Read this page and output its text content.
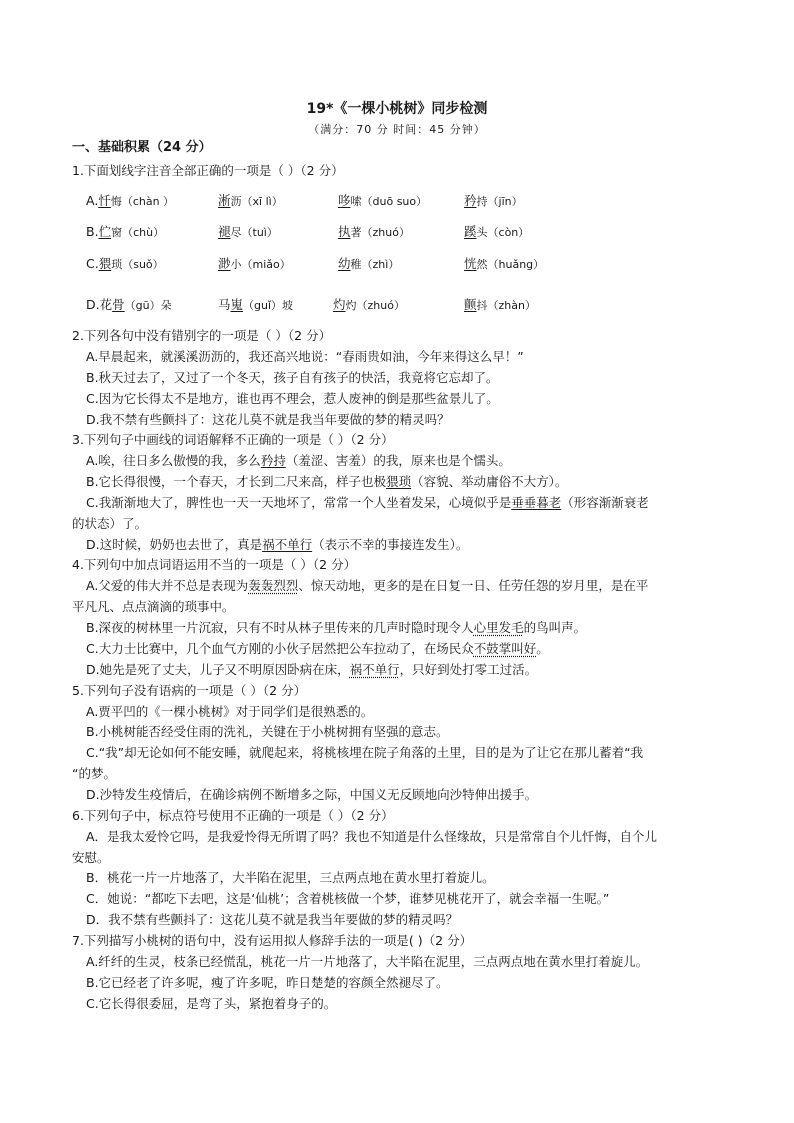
19*《一棵小桃树》同步检测
（满分：70 分 时间：45 分钟）
一、基础积累（24 分）
1.下面划线字注音全部正确的一项是（ ）（2 分）
A.忏悔（chàn ）	淅沥（xī lì）	哆嗦（duō suo）	矜持（jīn）
B.伫窗（chù）	褪尽（tuì）	执著（zhuó）	蹊头（còn）
C.猥琐（suǒ）	渺小（miǎo）	幼稚（zhì）	恍然（huǎng）
D.花骨（gū）朵	马嵬（guǐ）坡	灼灼（zhuó）	颤抖（zhàn）
2.下列各句中没有错别字的一项是（ ）（2 分）
A.早晨起来，就溪溪沥沥的，我还高兴地说：“春雨贵如油，今年来得这么早！”
B.秋天过去了，又过了一个冬天，孩子自有孩子的快活，我竟将它忘却了。
C.因为它长得太不是地方，谁也再不理会，惹人废神的倒是那些盆景儿了。
D.我不禁有些颤抖了：这花儿莫不就是我当年要做的梦的精灵吗？
3.下列句子中画线的词语解释不正确的一项是（ ）（2 分）
A.唉，往日多么傲慢的我，多么矜持（羞涩、害羞）的我，原来也是个懦头。
B.它长得很慢，一个春天，才长到二尺来高，样子也极猥琐（容貌、举动庸俗不大方）。
C.我渐渐地大了，脾性也一天一天地坏了，常常一个人坐着发呆，心境似乎是垂垂暮老（形容渐渐衰老
的状态）了。
D.这时候，奶奶也去世了，真是祸不单行（表示不幸的事接连发生）。
4.下列句中加点词语运用不当的一项是（ ）（2 分）
A.父爱的伟大并不总是表现为轰轰烈烈、惊天动地，更多的是在日复一日、任劳任怨的岁月里，是在平
平凡凡、点点滴滴的琐事中。
B.深夜的树林里一片沉寂，只有不时从林子里传来的几声时隐时现令人心里发毛的鸟叫声。
C.大力士比赛中，几个血气方刚的小伙子居然把公车拉动了，在场民众不鼓掌叫好。
D.她先是死了丈夫，儿子又不明原因卧病在床，祸不单行，只好到处打零工过活。
5.下列句子没有语病的一项是（ ）（2 分）
A.贾平凹的《一棵小桃树》对于同学们是很熟悉的。
B.小桃树能否经受住雨的洗礼，关键在于小桃树拥有坚强的意志。
C.“我”却无论如何不能安睡，就爬起来，将桃核埋在院子角落的土里，目的是为了让它在那儿蓄着“我
“的梦。
D.沙特发生疫情后，在确诊病例不断增多之际，中国义无反顾地向沙特伸出援手。
6.下列句子中，标点符号使用不正确的一项是（ ）（2 分）
A．是我太爱怜它吗，是我爱怜得无所谓了吗？我也不知道是什么怪缘故，只是常常自个儿忏悔，自个儿
安慰。
B．桃花一片一片地落了，大半陷在泥里，三点两点地在黄水里打着旋儿。
C．她说：“都吃下去吧，这是‘仙桃’；含着桃核做一个梦，谁梦见桃花开了，就会幸福一生呢。”
D．我不禁有些颤抖了：这花儿莫不就是我当年要做的梦的精灵吗？
7.下列描写小桃树的语句中，没有运用拟人修辞手法的一项是( )（2 分）
A.纤纤的生灵，枝条已经慌乱，桃花一片一片地落了，大半陷在泥里，三点两点地在黄水里打着旋儿。
B.它已经老了许多呢，瘦了许多呢，昨日楚楚的容颜全然褪尽了。
C.它长得很委屈，是弯了头，紧抱着身子的。
